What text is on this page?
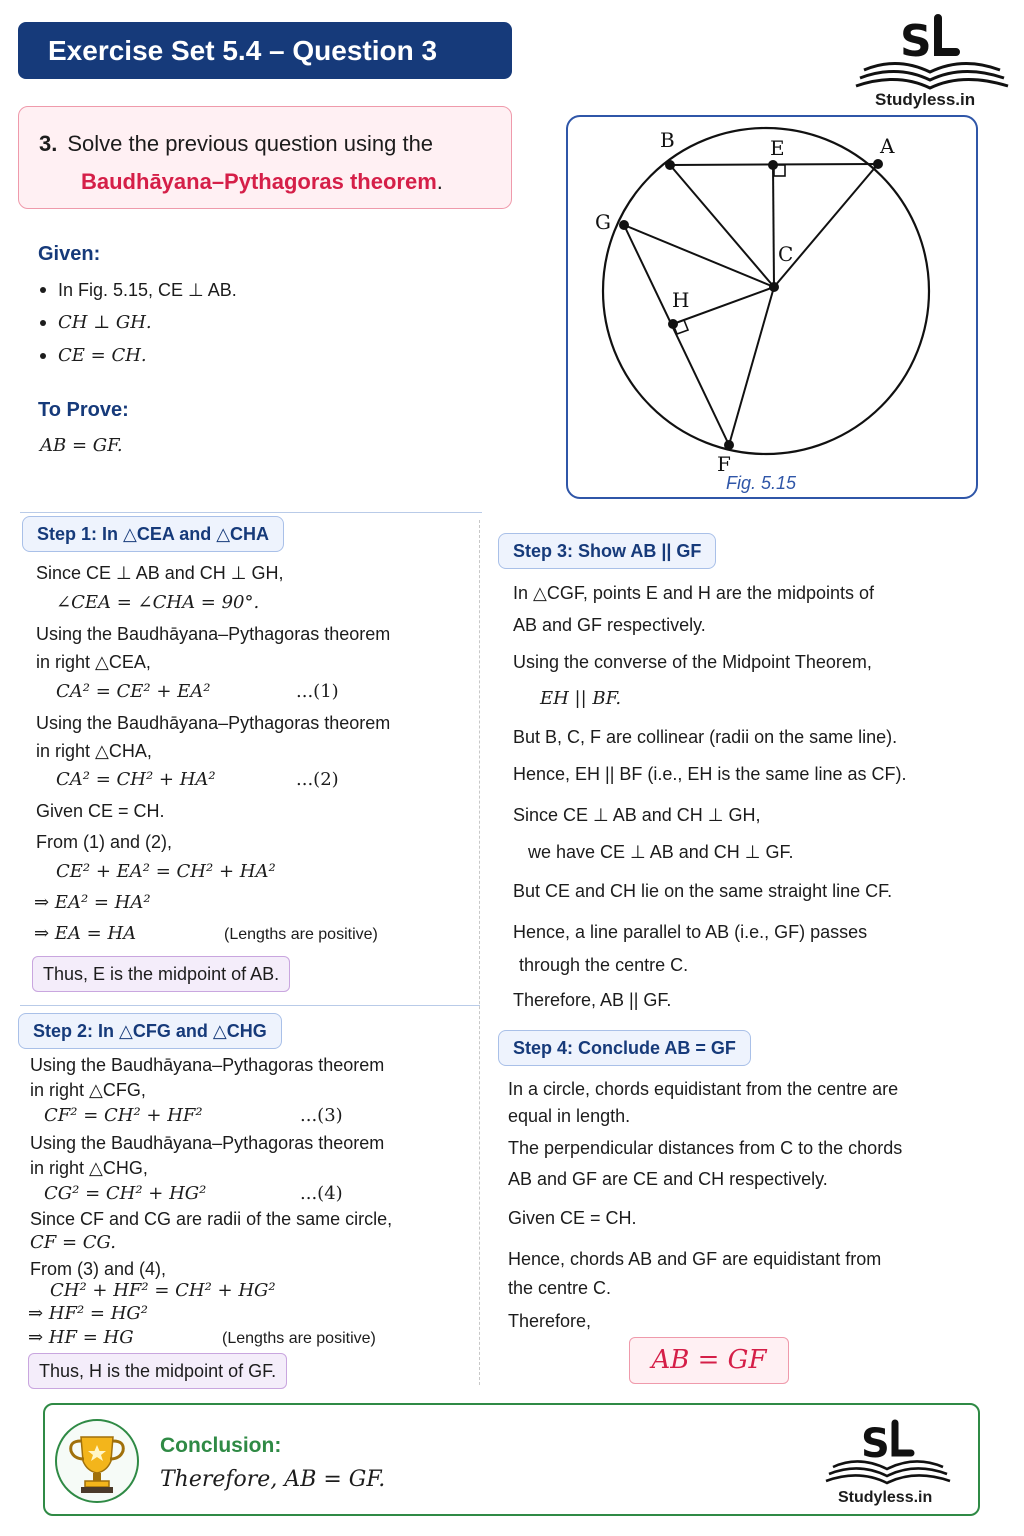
Exercise Set 5.4 – Question 3	S
Studyless.in
3. Solve the previous question using the
Baudhāyana–Pythagoras theorem.
Given:
In Fig. 5.15, CE ⊥ AB.
CH ⊥ GH.
CE = CH.
To Prove:
AB = GF.
B	E	A
G
C
H
F
Fig. 5.15
Step 1: In △CEA and △CHA
Since CE ⊥ AB and CH ⊥ GH,
∠CEA = ∠CHA = 90°.
Using the Baudhāyana–Pythagoras theorem
in right △CEA,
CA² = CE² + EA²	...(1)
Using the Baudhāyana–Pythagoras theorem
in right △CHA,
CA² = CH² + HA²	...(2)
Given CE = CH.
From (1) and (2),
CE² + EA² = CH² + HA²
⇒ EA² = HA²
⇒ EA = HA	(Lengths are positive)
Thus, E is the midpoint of AB.
Step 2: In △CFG and △CHG
Using the Baudhāyana–Pythagoras theorem
in right △CFG,
CF² = CH² + HF²	...(3)
Using the Baudhāyana–Pythagoras theorem
in right △CHG,
CG² = CH² + HG²	...(4)
Since CF and CG are radii of the same circle,
CF = CG.
From (3) and (4),
CH² + HF² = CH² + HG²
⇒ HF² = HG²
⇒ HF = HG	(Lengths are positive)
Thus, H is the midpoint of GF.
Step 3: Show AB || GF
In △CGF, points E and H are the midpoints of
AB and GF respectively.
Using the converse of the Midpoint Theorem,
EH || BF.
But B, C, F are collinear (radii on the same line).
Hence, EH || BF (i.e., EH is the same line as CF).
Since CE ⊥ AB and CH ⊥ GH,
we have CE ⊥ AB and CH ⊥ GF.
But CE and CH lie on the same straight line CF.
Hence, a line parallel to AB (i.e., GF) passes
through the centre C.
Therefore, AB || GF.
Step 4: Conclude AB = GF
In a circle, chords equidistant from the centre are
equal in length.
The perpendicular distances from C to the chords
AB and GF are CE and CH respectively.
Given CE = CH.
Hence, chords AB and GF are equidistant from
the centre C.
Therefore,
AB = GF
Conclusion:
Therefore, AB = GF.
S
Studyless.in
